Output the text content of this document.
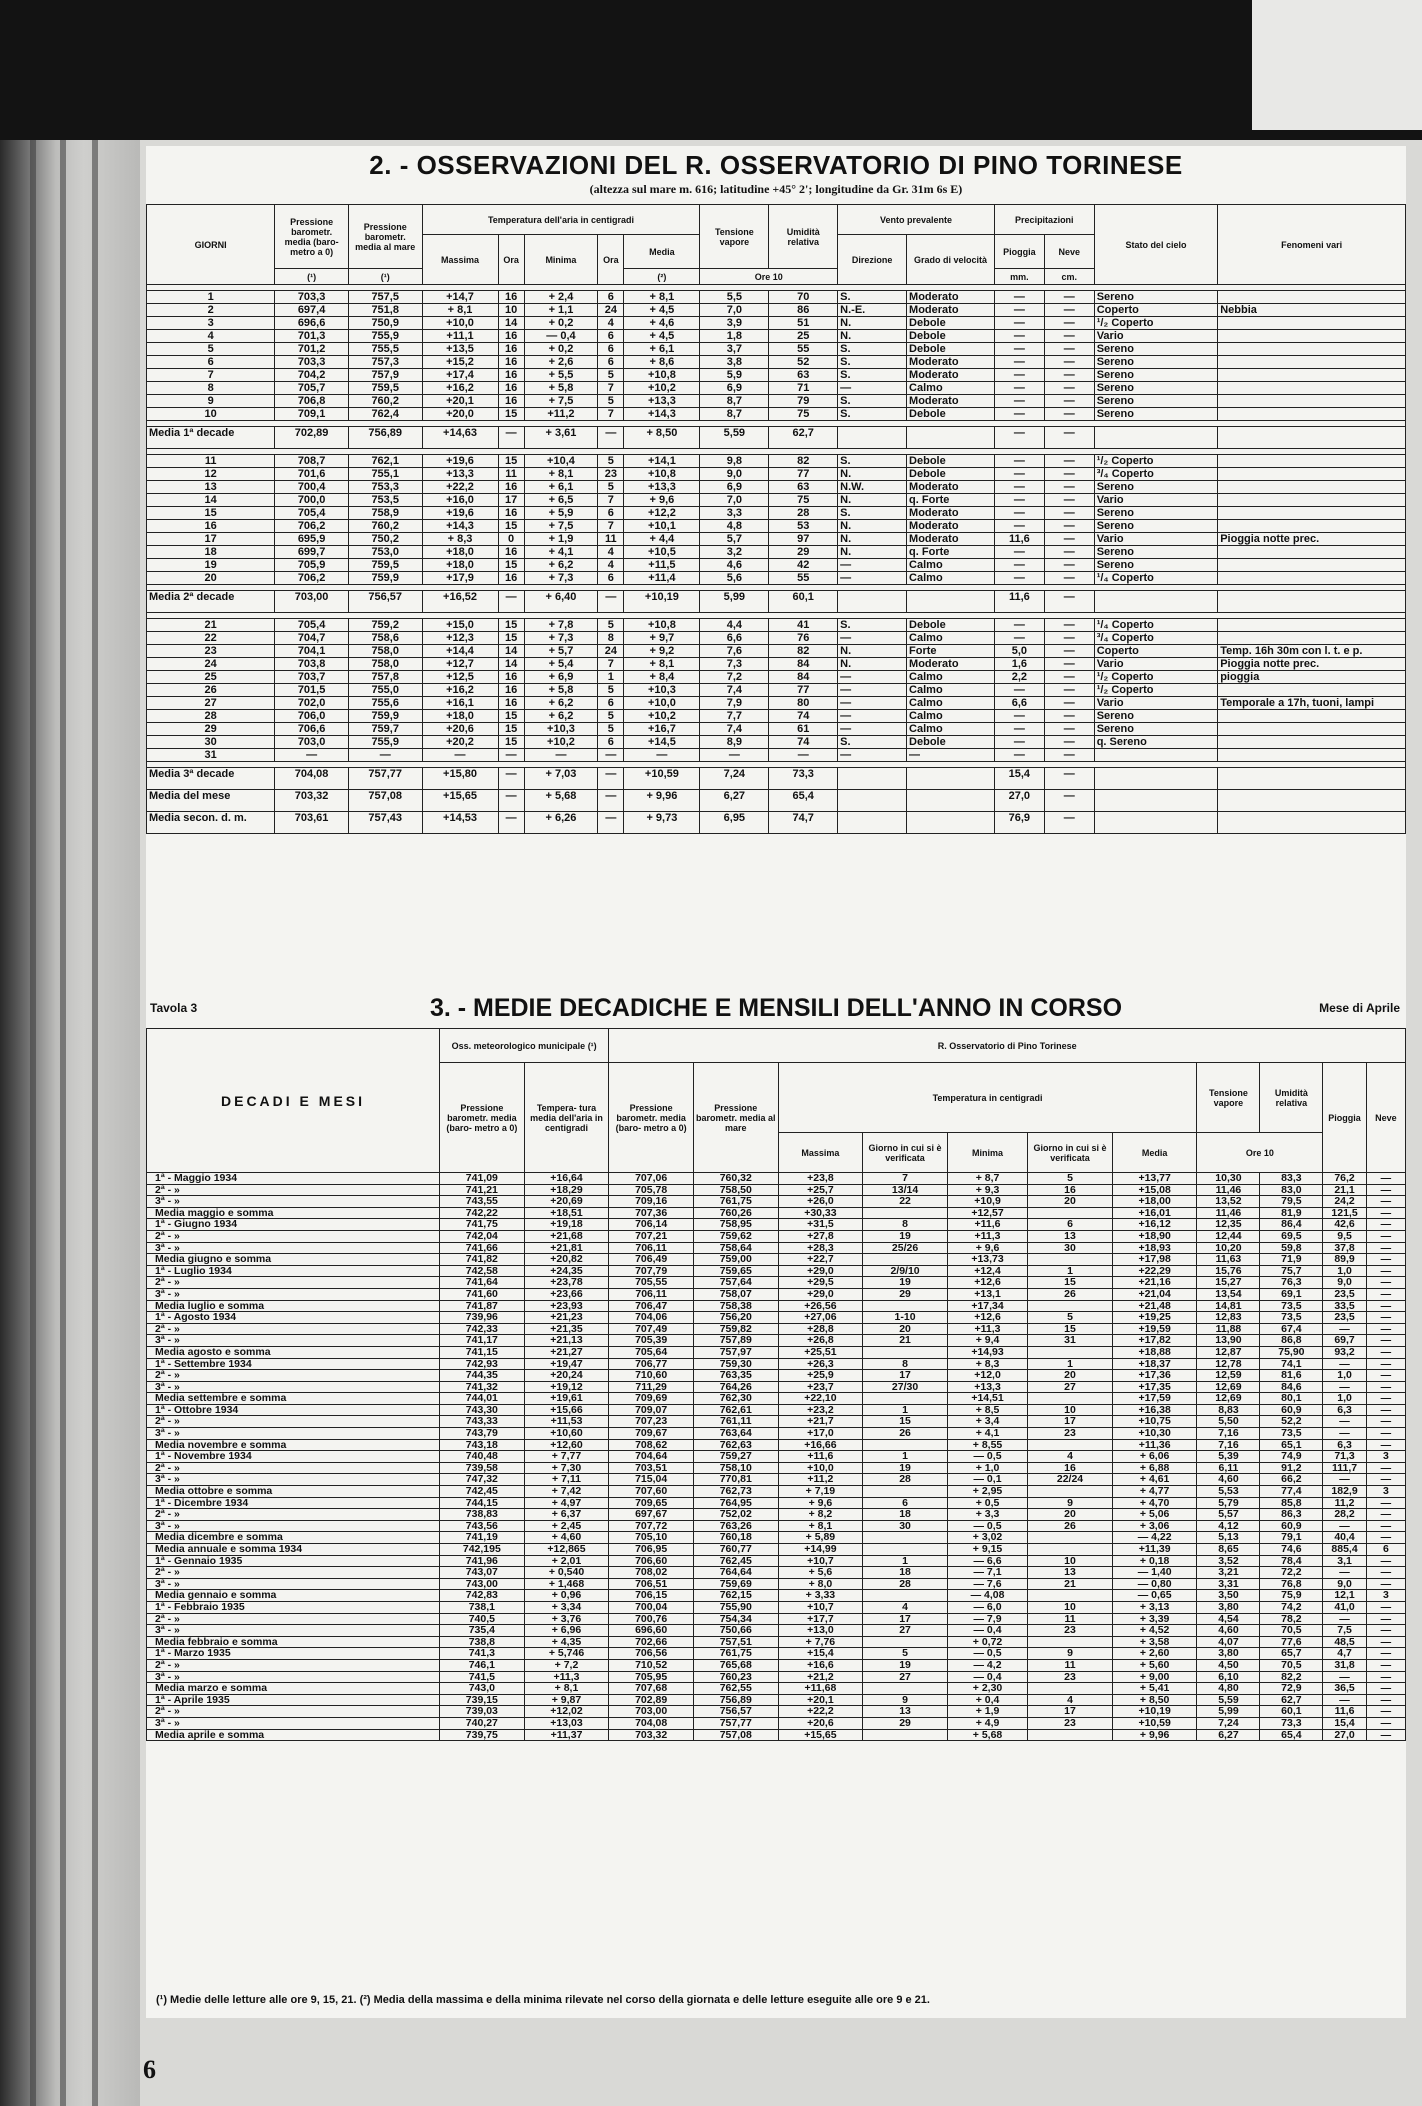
6
2. - OSSERVAZIONI DEL R. OSSERVATORIO DI PINO TORINESE
(altezza sul mare m. 616; latitudine +45° 2'; longitudine da Gr. 31m 6s E)
GIORNI	Pressione barometr. media (baro- metro a 0)	Pressione barometr. media al mare	Temperatura dell'aria in centigradi					Tensione vapore	Umidità relativa	Vento prevalente		Precipitazioni		Stato del cielo	Fenomeni vari
			Massima	Ora	Minima	Ora	Media			Direzione	Grado di velocità	Pioggia	Neve		
	(¹)	(¹)					(²)	Ore 10				mm.	cm.		

1	703,3	757,5	+14,7	16	+ 2,4	6	+ 8,1	5,5	70	S.	Moderato	—	—	Sereno	
2	697,4	751,8	+ 8,1	10	+ 1,1	24	+ 4,5	7,0	86	N.-E.	Moderato	—	—	Coperto	Nebbia
3	696,6	750,9	+10,0	14	+ 0,2	4	+ 4,6	3,9	51	N.	Debole	—	—	¹/₂ Coperto	
4	701,3	755,9	+11,1	16	— 0,4	6	+ 4,5	1,8	25	N.	Debole	—	—	Vario	
5	701,2	755,5	+13,5	16	+ 0,2	6	+ 6,1	3,7	55	S.	Debole	—	—	Sereno	
6	703,3	757,3	+15,2	16	+ 2,6	6	+ 8,6	3,8	52	S.	Moderato	—	—	Sereno	
7	704,2	757,9	+17,4	16	+ 5,5	5	+10,8	5,9	63	S.	Moderato	—	—	Sereno	
8	705,7	759,5	+16,2	16	+ 5,8	7	+10,2	6,9	71	—	Calmo	—	—	Sereno	
9	706,8	760,2	+20,1	16	+ 7,5	5	+13,3	8,7	79	S.	Moderato	—	—	Sereno	
10	709,1	762,4	+20,0	15	+11,2	7	+14,3	8,7	75	S.	Debole	—	—	Sereno	

Media 1ª decade	702,89	756,89	+14,63	—	+ 3,61	—	+ 8,50	5,59	62,7			—	—		

11	708,7	762,1	+19,6	15	+10,4	5	+14,1	9,8	82	S.	Debole	—	—	¹/₂ Coperto	
12	701,6	755,1	+13,3	11	+ 8,1	23	+10,8	9,0	77	N.	Debole	—	—	³/₄ Coperto	
13	700,4	753,3	+22,2	16	+ 6,1	5	+13,3	6,9	63	N.W.	Moderato	—	—	Sereno	
14	700,0	753,5	+16,0	17	+ 6,5	7	+ 9,6	7,0	75	N.	q. Forte	—	—	Vario	
15	705,4	758,9	+19,6	16	+ 5,9	6	+12,2	3,3	28	S.	Moderato	—	—	Sereno	
16	706,2	760,2	+14,3	15	+ 7,5	7	+10,1	4,8	53	N.	Moderato	—	—	Sereno	
17	695,9	750,2	+ 8,3	0	+ 1,9	11	+ 4,4	5,7	97	N.	Moderato	11,6	—	Vario	Pioggia notte prec.
18	699,7	753,0	+18,0	16	+ 4,1	4	+10,5	3,2	29	N.	q. Forte	—	—	Sereno	
19	705,9	759,5	+18,0	15	+ 6,2	4	+11,5	4,6	42	—	Calmo	—	—	Sereno	
20	706,2	759,9	+17,9	16	+ 7,3	6	+11,4	5,6	55	—	Calmo	—	—	¹/₄ Coperto	

Media 2ª decade	703,00	756,57	+16,52	—	+ 6,40	—	+10,19	5,99	60,1			11,6	—		

21	705,4	759,2	+15,0	15	+ 7,8	5	+10,8	4,4	41	S.	Debole	—	—	¹/₄ Coperto	
22	704,7	758,6	+12,3	15	+ 7,3	8	+ 9,7	6,6	76	—	Calmo	—	—	³/₄ Coperto	
23	704,1	758,0	+14,4	14	+ 5,7	24	+ 9,2	7,6	82	N.	Forte	5,0	—	Coperto	Temp. 16h 30m con l. t. e p.
24	703,8	758,0	+12,7	14	+ 5,4	7	+ 8,1	7,3	84	N.	Moderato	1,6	—	Vario	Pioggia notte prec.
25	703,7	757,8	+12,5	16	+ 6,9	1	+ 8,4	7,2	84	—	Calmo	2,2	—	¹/₂ Coperto	pioggia
26	701,5	755,0	+16,2	16	+ 5,8	5	+10,3	7,4	77	—	Calmo	—	—	¹/₂ Coperto	
27	702,0	755,6	+16,1	16	+ 6,2	6	+10,0	7,9	80	—	Calmo	6,6	—	Vario	Temporale a 17h, tuoni, lampi
28	706,0	759,9	+18,0	15	+ 6,2	5	+10,2	7,7	74	—	Calmo	—	—	Sereno	
29	706,6	759,7	+20,6	15	+10,3	5	+16,7	7,4	61	—	Calmo	—	—	Sereno	
30	703,0	755,9	+20,2	15	+10,2	6	+14,5	8,9	74	S.	Debole	—	—	q. Sereno	
31	—	—	—	—	—	—	—	—	—	—	—	—	—		

Media 3ª decade	704,08	757,77	+15,80	—	+ 7,03	—	+10,59	7,24	73,3			15,4	—		
Media del mese	703,32	757,08	+15,65	—	+ 5,68	—	+ 9,96	6,27	65,4			27,0	—		
Media secon. d. m.	703,61	757,43	+14,53	—	+ 6,26	—	+ 9,73	6,95	74,7			76,9	—		
Tavola 3	3. - MEDIE DECADICHE E MENSILI DELL'ANNO IN CORSO	Mese di Aprile
DECADI E MESI	Oss. meteorologico municipale (¹)		R. Osservatorio di Pino Torinese										
	Pressione barometr. media (baro- metro a 0)	Tempera- tura media dell'aria in centigradi	Pressione barometr. media (baro- metro a 0)	Pressione barometr. media al mare	Temperatura in centigradi					Tensione vapore	Umidità relativa	Pioggia	Neve
					Massima	Giorno in cui si è verificata	Minima	Giorno in cui si è verificata	Media	Ore 10			
1ª - Maggio 1934	741,09	+16,64	707,06	760,32	+23,8	7	+ 8,7	5	+13,77	10,30	83,3	76,2	—
2ª - »	741,21	+18,29	705,78	758,50	+25,7	13/14	+ 9,3	16	+15,08	11,46	83,0	21,1	—
3ª - »	743,55	+20,69	709,16	761,75	+26,0	22	+10,9	20	+18,00	13,52	79,5	24,2	—
Media maggio e somma	742,22	+18,51	707,36	760,26	+30,33		+12,57		+16,01	11,46	81,9	121,5	—
1ª - Giugno 1934	741,75	+19,18	706,14	758,95	+31,5	8	+11,6	6	+16,12	12,35	86,4	42,6	—
2ª - »	742,04	+21,68	707,21	759,62	+27,8	19	+11,3	13	+18,90	12,44	69,5	9,5	—
3ª - »	741,66	+21,81	706,11	758,64	+28,3	25/26	+ 9,6	30	+18,93	10,20	59,8	37,8	—
Media giugno e somma	741,82	+20,82	706,49	759,00	+22,7		+13,73		+17,98	11,63	71,9	89,9	—
1ª - Luglio 1934	742,58	+24,35	707,79	759,65	+29,0	2/9/10	+12,4	1	+22,29	15,76	75,7	1,0	—
2ª - »	741,64	+23,78	705,55	757,64	+29,5	19	+12,6	15	+21,16	15,27	76,3	9,0	—
3ª - »	741,60	+23,66	706,11	758,07	+29,0	29	+13,1	26	+21,04	13,54	69,1	23,5	—
Media luglio e somma	741,87	+23,93	706,47	758,38	+26,56		+17,34		+21,48	14,81	73,5	33,5	—
1ª - Agosto 1934	739,96	+21,23	704,06	756,20	+27,06	1-10	+12,6	5	+19,25	12,83	73,5	23,5	—
2ª - »	742,33	+21,35	707,49	759,82	+28,8	20	+11,3	15	+19,59	11,88	67,4	—	—
3ª - »	741,17	+21,13	705,39	757,89	+26,8	21	+ 9,4	31	+17,82	13,90	86,8	69,7	—
Media agosto e somma	741,15	+21,27	705,64	757,97	+25,51		+14,93		+18,88	12,87	75,90	93,2	—
1ª - Settembre 1934	742,93	+19,47	706,77	759,30	+26,3	8	+ 8,3	1	+18,37	12,78	74,1	—	—
2ª - »	744,35	+20,24	710,60	763,35	+25,9	17	+12,0	20	+17,36	12,59	81,6	1,0	—
3ª - »	741,32	+19,12	711,29	764,26	+23,7	27/30	+13,3	27	+17,35	12,69	84,6	—	—
Media settembre e somma	744,01	+19,61	709,69	762,30	+22,10		+14,51		+17,59	12,69	80,1	1,0	—
1ª - Ottobre 1934	743,30	+15,66	709,07	762,61	+23,2	1	+ 8,5	10	+16,38	8,83	60,9	6,3	—
2ª - »	743,33	+11,53	707,23	761,11	+21,7	15	+ 3,4	17	+10,75	5,50	52,2	—	—
3ª - »	743,79	+10,60	709,67	763,64	+17,0	26	+ 4,1	23	+10,30	7,16	73,5	—	—
Media novembre e somma	743,18	+12,60	708,62	762,63	+16,66		+ 8,55		+11,36	7,16	65,1	6,3	—
1ª - Novembre 1934	740,48	+ 7,77	704,64	759,27	+11,6	1	— 0,5	4	+ 6,06	5,39	74,9	71,3	3
2ª - »	739,58	+ 7,30	703,51	758,10	+10,0	19	+ 1,0	16	+ 6,88	6,11	91,2	111,7	—
3ª - »	747,32	+ 7,11	715,04	770,81	+11,2	28	— 0,1	22/24	+ 4,61	4,60	66,2	—	—
Media ottobre e somma	742,45	+ 7,42	707,60	762,73	+ 7,19		+ 2,95		+ 4,77	5,53	77,4	182,9	3
1ª - Dicembre 1934	744,15	+ 4,97	709,65	764,95	+ 9,6	6	+ 0,5	9	+ 4,70	5,79	85,8	11,2	—
2ª - »	738,83	+ 6,37	697,67	752,02	+ 8,2	18	+ 3,3	20	+ 5,06	5,57	86,3	28,2	—
3ª - »	743,56	+ 2,45	707,72	763,26	+ 8,1	30	— 0,5	26	+ 3,06	4,12	60,9	—	—
Media dicembre e somma	741,19	+ 4,60	705,10	760,18	+ 5,89		+ 3,02		— 4,22	5,13	79,1	40,4	—
Media annuale e somma 1934	742,195	+12,865	706,95	760,77	+14,99		+ 9,15		+11,39	8,65	74,6	885,4	6
1ª - Gennaio 1935	741,96	+ 2,01	706,60	762,45	+10,7	1	— 6,6	10	+ 0,18	3,52	78,4	3,1	—
2ª - »	743,07	+ 0,540	708,02	764,64	+ 5,6	18	— 7,1	13	— 1,40	3,21	72,2	—	—
3ª - »	743,00	+ 1,468	706,51	759,69	+ 8,0	28	— 7,6	21	— 0,80	3,31	76,8	9,0	—
Media gennaio e somma	742,83	+ 0,96	706,15	762,15	+ 3,33		— 4,08		— 0,65	3,50	75,9	12,1	3
1ª - Febbraio 1935	738,1	+ 3,34	700,04	755,90	+10,7	4	— 6,0	10	+ 3,13	3,80	74,2	41,0	—
2ª - »	740,5	+ 3,76	700,76	754,34	+17,7	17	— 7,9	11	+ 3,39	4,54	78,2	—	—
3ª - »	735,4	+ 6,96	696,60	750,66	+13,0	27	— 0,4	23	+ 4,52	4,60	70,5	7,5	—
Media febbraio e somma	738,8	+ 4,35	702,66	757,51	+ 7,76		+ 0,72		+ 3,58	4,07	77,6	48,5	—
1ª - Marzo 1935	741,3	+ 5,746	706,56	761,75	+15,4	5	— 0,5	9	+ 2,60	3,80	65,7	4,7	—
2ª - »	746,1	+ 7,2	710,52	765,68	+16,6	19	— 4,2	11	+ 5,60	4,50	70,5	31,8	—
3ª - »	741,5	+11,3	705,95	760,23	+21,2	27	— 0,4	23	+ 9,00	6,10	82,2	—	—
Media marzo e somma	743,0	+ 8,1	707,68	762,55	+11,68		+ 2,30		+ 5,41	4,80	72,9	36,5	—
1ª - Aprile 1935	739,15	+ 9,87	702,89	756,89	+20,1	9	+ 0,4	4	+ 8,50	5,59	62,7	—	—
2ª - »	739,03	+12,02	703,00	756,57	+22,2	13	+ 1,9	17	+10,19	5,99	60,1	11,6	—
3ª - »	740,27	+13,03	704,08	757,77	+20,6	29	+ 4,9	23	+10,59	7,24	73,3	15,4	—
Media aprile e somma	739,75	+11,37	703,32	757,08	+15,65		+ 5,68		+ 9,96	6,27	65,4	27,0	—
(¹) Medie delle letture alle ore 9, 15, 21. (²) Media della massima e della minima rilevate nel corso della giornata e delle letture eseguite alle ore 9 e 21.
